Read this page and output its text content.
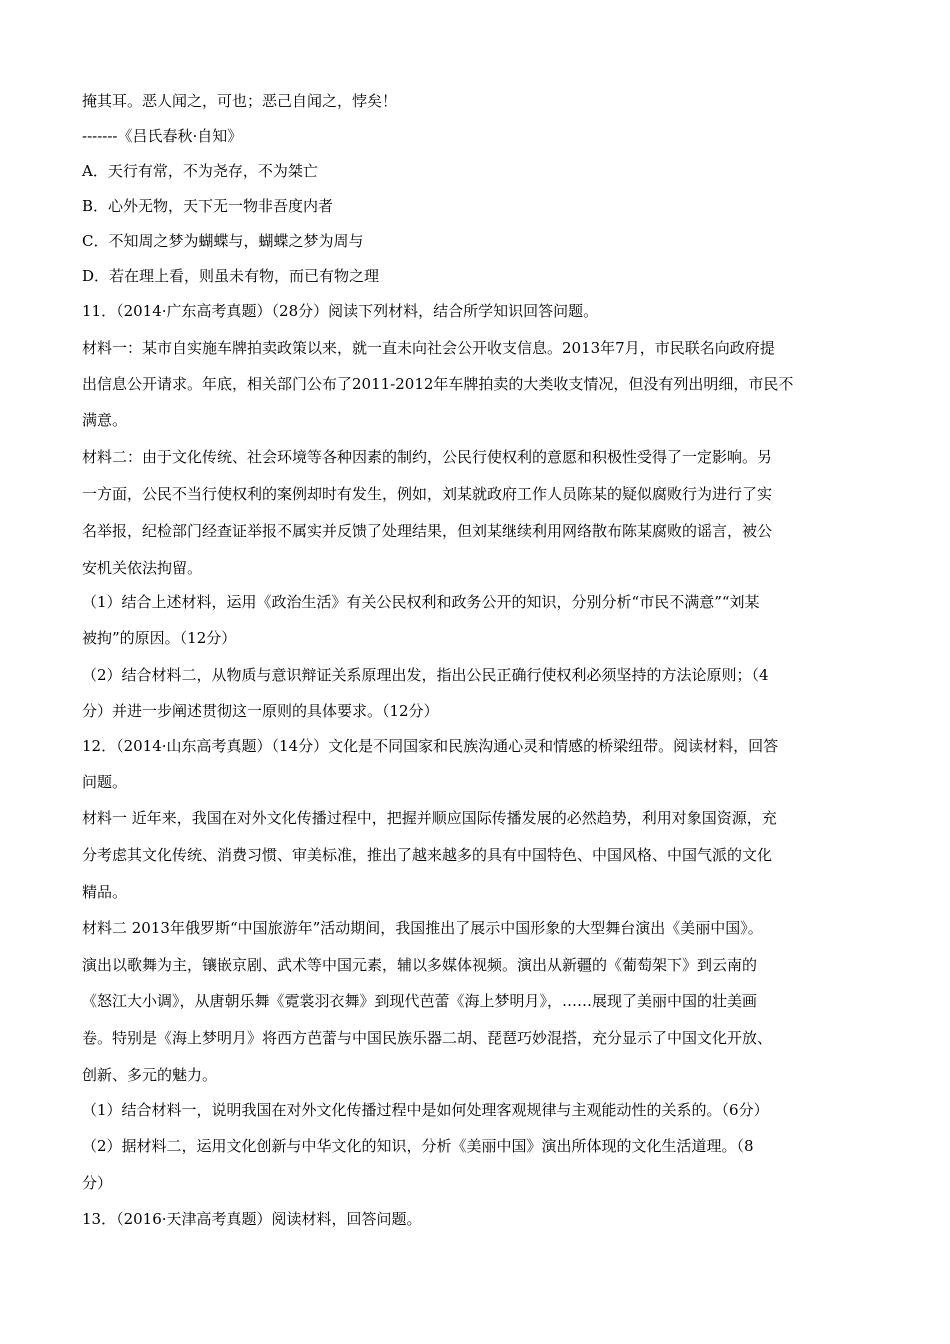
掩其耳。恶人闻之，可也；恶己自闻之，悖矣！
-------《吕氏春秋·自知》
A．天行有常，不为尧存，不为桀亡
B．心外无物，天下无一物非吾度内者
C．不知周之梦为蝴蝶与，蝴蝶之梦为周与
D．若在理上看，则虽未有物，而已有物之理
11．（2014·广东高考真题）（28分）阅读下列材料，结合所学知识回答问题。
材料一：某市自实施车牌拍卖政策以来，就一直未向社会公开收支信息。2013年7月，市民联名向政府提
出信息公开请求。年底，相关部门公布了2011-2012年车牌拍卖的大类收支情况，但没有列出明细，市民不
满意。
材料二：由于文化传统、社会环境等各种因素的制约，公民行使权利的意愿和积极性受得了一定影响。另
一方面，公民不当行使权利的案例却时有发生，例如，刘某就政府工作人员陈某的疑似腐败行为进行了实
名举报，纪检部门经查证举报不属实并反馈了处理结果，但刘某继续利用网络散布陈某腐败的谣言，被公
安机关依法拘留。
（1）结合上述材料，运用《政治生活》有关公民权利和政务公开的知识，分别分析“市民不满意”“刘某
被拘”的原因。（12分）
（2）结合材料二，从物质与意识辩证关系原理出发，指出公民正确行使权利必须坚持的方法论原则；（4
分）并进一步阐述贯彻这一原则的具体要求。（12分）
12．（2014·山东高考真题）（14分）文化是不同国家和民族沟通心灵和情感的桥梁纽带。阅读材料，回答
问题。
材料一 近年来，我国在对外文化传播过程中，把握并顺应国际传播发展的必然趋势，利用对象国资源，充
分考虑其文化传统、消费习惯、审美标准，推出了越来越多的具有中国特色、中国风格、中国气派的文化
精品。
材料二 2013年俄罗斯“中国旅游年”活动期间，我国推出了展示中国形象的大型舞台演出《美丽中国》。
演出以歌舞为主，镶嵌京剧、武术等中国元素，辅以多媒体视频。演出从新疆的《葡萄架下》到云南的
《怒江大小调》，从唐朝乐舞《霓裳羽衣舞》到现代芭蕾《海上梦明月》，……展现了美丽中国的壮美画
卷。特别是《海上梦明月》将西方芭蕾与中国民族乐器二胡、琵琶巧妙混搭，充分显示了中国文化开放、
创新、多元的魅力。
（1）结合材料一，说明我国在对外文化传播过程中是如何处理客观规律与主观能动性的关系的。（6分）
（2）据材料二，运用文化创新与中华文化的知识，分析《美丽中国》演出所体现的文化生活道理。（8
分）
13．（2016·天津高考真题）阅读材料，回答问题。
